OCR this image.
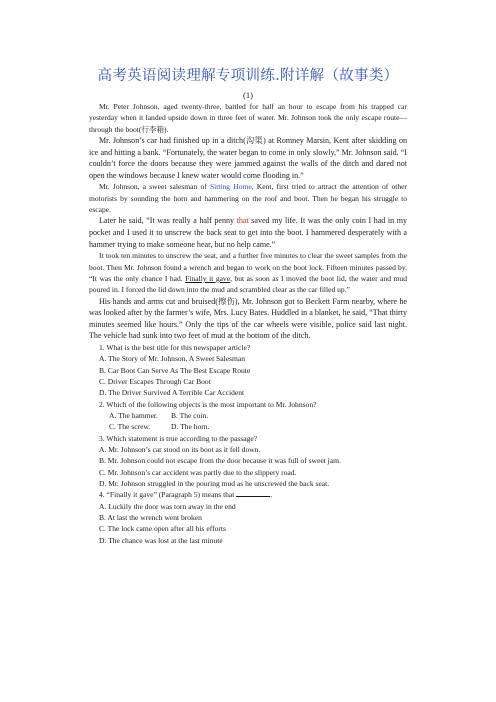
高考英语阅读理解专项训练.附详解（故事类）
(1)

Mr. Peter Johnson, aged twenty-three, battled for half an hour to escape from his trapped car yesterday when it landed upside down in three feet of water. Mr. Johnson took the only escape route—through the boot(行李箱).

Mr. Johnson’s car had finished up in a ditch(沟渠) at Romney Marsin, Kent after skidding on ice and hitting a bank. “Fortunately, the water began to come in only slowly,” Mr. Johnson said. “I couldn’t force the doors because they were jammed against the walls of the ditch and dared not open the windows because I knew water would come flooding in.”

Mr. Johnson, a sweet salesman of Sitting Home, Kent, first tried to attract the attention of other motorists by sounding the horn and hammering on the roof and boot. Then he began his struggle to escape.

Later he said, “It was really a half penny that saved my life. It was the only coin I had in my pocket and I used it to unscrew the back seat to get into the boot. I hammered desperately with a hammer trying to make someone hear, but no help came.”

It took ten minutes to unscrew the seat, and a further five minutes to clear the sweet samples from the boot. Then Mr. Johnson found a wrench and began to work on the boot lock. Fifteen minutes passed by. “It was the only chance I had. Finally it gave, but as soon as I moved the boot lid, the water and mud poured in. I forced the lid down into the mud and scrambled clear as the car filled up.”

His hands and arms cut and bruised(擦伤), Mr. Johnson got to Beckett Farm nearby, where he was looked after by the farmer’s wife, Mrs. Lucy Bates. Huddled in a blanket, he said, “That thirty minutes seemed like hours.” Only the tips of the car wheels were visible, police said last night. The vehicle had sunk into two feet of mud at the bottom of the ditch.

1. What is the best title for this newspaper article?

A. The Story of Mr. Johnson, A Sweet Salesman

B. Car Boot Can Serve As The Best Escape Route

C. Driver Escapes Through Car Boot

D. The Driver Survived A Terrible Car Accident

2. Which of the following objects is the most important to Mr. Johnson?

A. The hammer. B. The coin.

C. The screw.	D. The horn.

3. Which statement is true according to the passage?

A. Mr. Johnson’s car stood on its boot as it fell down.

B. Mr. Johnson could not escape from the door because it was full of sweet jam.

C. Mr. Johnson’s car accident was partly due to the slippery road.

D. Mr. Johnson struggled in the pouring mud as he unscrewed the back seat.

4. “Finally it gave” (Paragraph 5) means that	.

A. Luckily the door was torn away in the end

B. At last the wrench went broken

C. The lock came open after all his efforts

D. The chance was lost at the last minute
